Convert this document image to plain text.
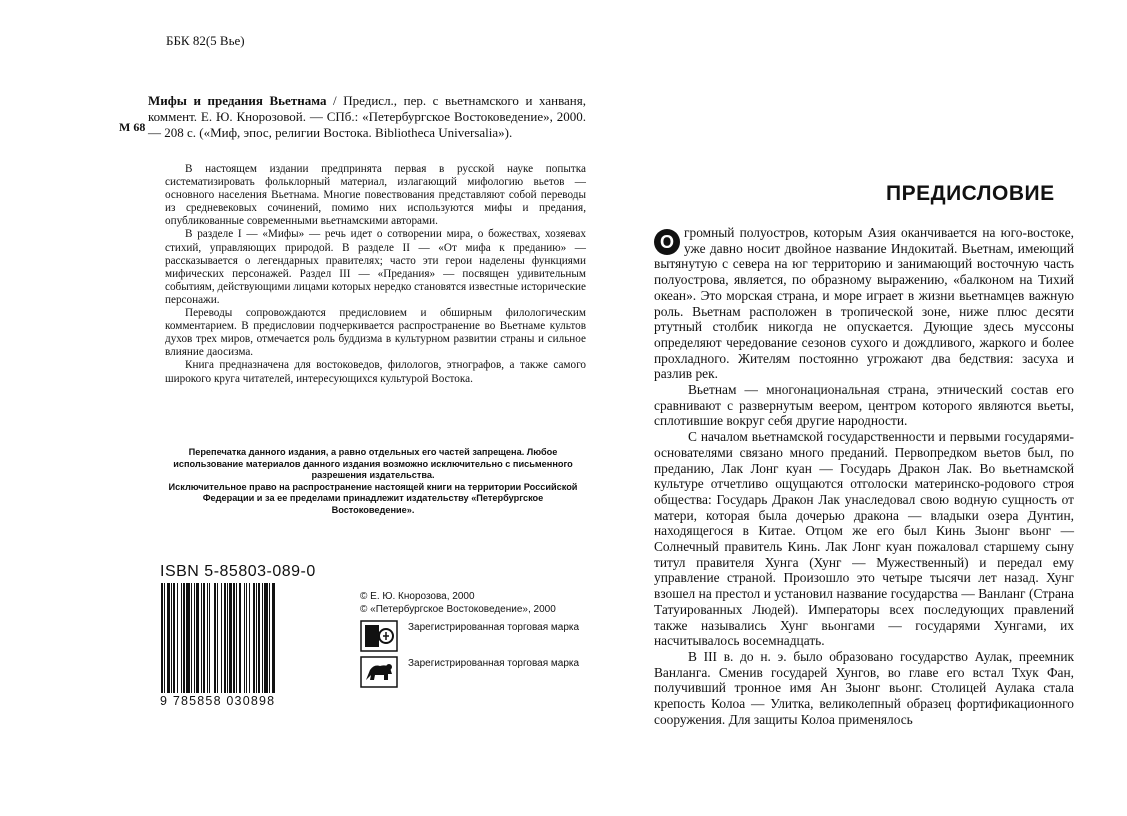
ББК 82(5 Вье)
М 68
Мифы и предания Вьетнама / Предисл., пер. с вьетнамского и ханваня, коммент. Е. Ю. Кнорозовой. — СПб.: «Петербургское Востоковедение», 2000. — 208 с. («Миф, эпос, религии Востока. Bibliotheca Universalia»).

В настоящем издании предпринята первая в русской науке попытка систематизировать фольклорный материал, излагающий мифологию вьетов — основного населения Вьетнама. Многие повествования представляют собой переводы из средневековых сочинений, помимо них используются мифы и предания, опубликованные современными вьетнамскими авторами.

В разделе I — «Мифы» — речь идет о сотворении мира, о божествах, хозяевах стихий, управляющих природой. В разделе II — «От мифа к преданию» — рассказывается о легендарных правителях; часто эти герои наделены функциями мифических персонажей. Раздел III — «Предания» — посвящен удивительным событиям, действующими лицами которых нередко становятся известные исторические персонажи.

Переводы сопровождаются предисловием и обширным филологическим комментарием. В предисловии подчеркивается распространение во Вьетнаме культов духов трех миров, отмечается роль буддизма в культурном развитии страны и сильное влияние даосизма.

Книга предназначена для востоковедов, филологов, этнографов, а также самого широкого круга читателей, интересующихся культурой Востока.

Перепечатка данного издания, а равно отдельных его частей запрещена. Любое использование материалов данного издания возможно исключительно с письменного разрешения издательства.

Исключительное право на распространение настоящей книги на территории Российской Федерации и за ее пределами принадлежит издательству «Петербургское Востоковедение».

ISBN 5-85803-089-0
9 785858 030898
© Е. Ю. Кнорозова, 2000
© «Петербургское Востоковедение», 2000
Зарегистрированная торговая марка
Зарегистрированная торговая марка
ПРЕДИСЛОВИЕ

О громный полуостров, которым Азия оканчивается на юго-востоке, уже давно носит двойное название Индокитай. Вьетнам, имеющий вытянутую с севера на юг территорию и занимающий восточную часть полуострова, является, по образному выражению, «балконом на Тихий океан». Это морская страна, и море играет в жизни вьетнамцев важную роль. Вьетнам расположен в тропической зоне, ниже плюс десяти ртутный столбик никогда не опускается. Дующие здесь муссоны определяют чередование сезонов сухого и дождливого, жаркого и более прохладного. Жителям постоянно угрожают два бедствия: засуха и разлив рек.

Вьетнам — многонациональная страна, этнический состав его сравнивают с развернутым веером, центром которого являются вьеты, сплотившие вокруг себя другие народности.

С началом вьетнамской государственности и первыми государями-основателями связано много преданий. Первопредком вьетов был, по преданию, Лак Лонг куан — Государь Дракон Лак. Во вьетнамской культуре отчетливо ощущаются отголоски материнско-родового строя общества: Государь Дракон Лак унаследовал свою водную сущность от матери, которая была дочерью дракона — владыки озера Дунтин, находящегося в Китае. Отцом же его был Кинь Зыонг вьонг — Солнечный правитель Кинь. Лак Лонг куан пожаловал старшему сыну титул правителя Хунга (Хунг — Мужественный) и передал ему управление страной. Произошло это четыре тысячи лет назад. Хунг взошел на престол и установил название государства — Ванланг (Страна Татуированных Людей). Императоры всех последующих правлений также назывались Хунг вьонгами — государями Хунгами, их насчитывалось восемнадцать.

В III в. до н. э. было образовано государство Аулак, преемник Ванланга. Сменив государей Хунгов, во главе его встал Тхук Фан, получивший тронное имя Ан Зыонг вьонг. Столицей Аулака стала крепость Колоа — Улитка, великолепный образец фортификационного сооружения. Для защиты Колоа применялось
